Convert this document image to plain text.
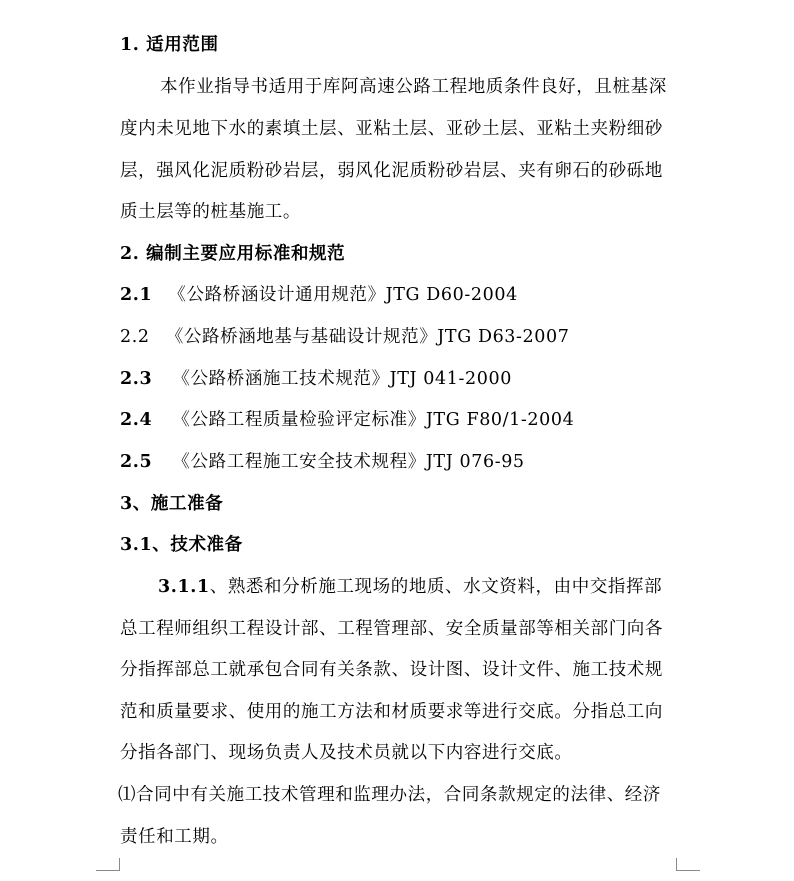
1. 适用范围
本作业指导书适用于库阿高速公路工程地质条件良好，且桩基深
度内未见地下水的素填土层、亚粘土层、亚砂土层、亚粘土夹粉细砂
层，强风化泥质粉砂岩层，弱风化泥质粉砂岩层、夹有卵石的砂砾地
质土层等的桩基施工。
2. 编制主要应用标准和规范
2.1 《公路桥涵设计通用规范》JTG D60-2004
2.2 《公路桥涵地基与基础设计规范》JTG D63-2007
2.3 《公路桥涵施工技术规范》JTJ 041-2000
2.4 《公路工程质量检验评定标准》JTG F80/1-2004
2.5 《公路工程施工安全技术规程》JTJ 076-95
3、施工准备
3.1、技术准备
3.1.1、熟悉和分析施工现场的地质、水文资料，由中交指挥部
总工程师组织工程设计部、工程管理部、安全质量部等相关部门向各
分指挥部总工就承包合同有关条款、设计图、设计文件、施工技术规
范和质量要求、使用的施工方法和材质要求等进行交底。分指总工向
分指各部门、现场负责人及技术员就以下内容进行交底。
⑴合同中有关施工技术管理和监理办法，合同条款规定的法律、经济
责任和工期。
